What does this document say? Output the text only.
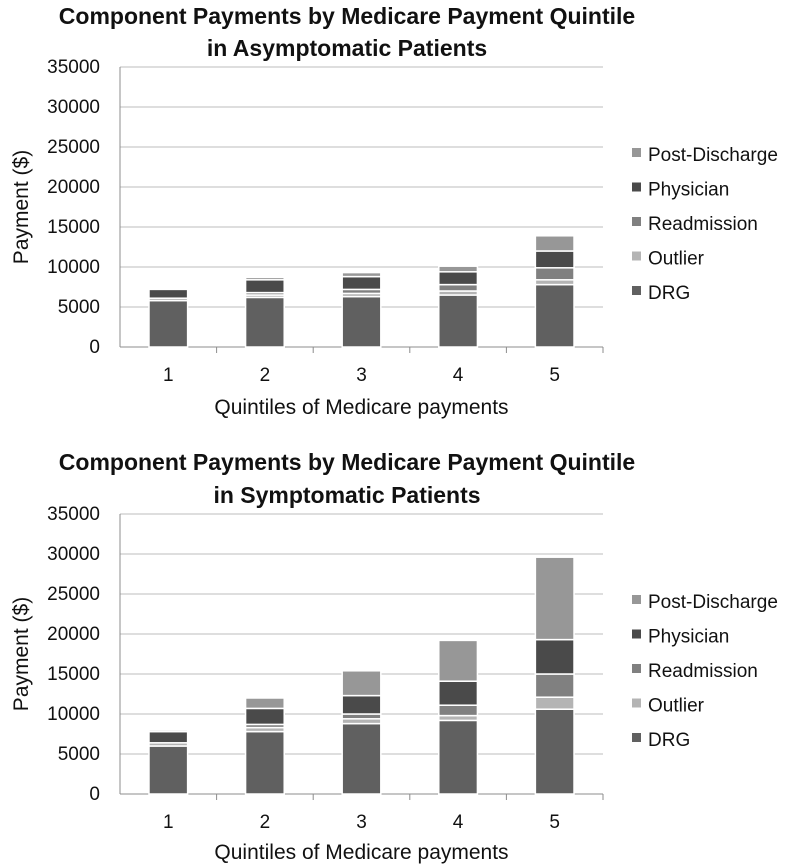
Component Payments by Medicare Payment Quintile
in Asymptomatic Patients
0
5000
10000
15000
20000
25000
30000
35000
1	2	3	4	5
Quintiles of Medicare payments
Payment ($)	Post-Discharge
Physician
Readmission
Outlier
DRG
Component Payments by Medicare Payment Quintile
in Symptomatic Patients
0
5000
10000
15000
20000
25000
30000
35000
1	2	3	4	5
Quintiles of Medicare payments
Payment ($)	Post-Discharge
Physician
Readmission
Outlier
DRG
